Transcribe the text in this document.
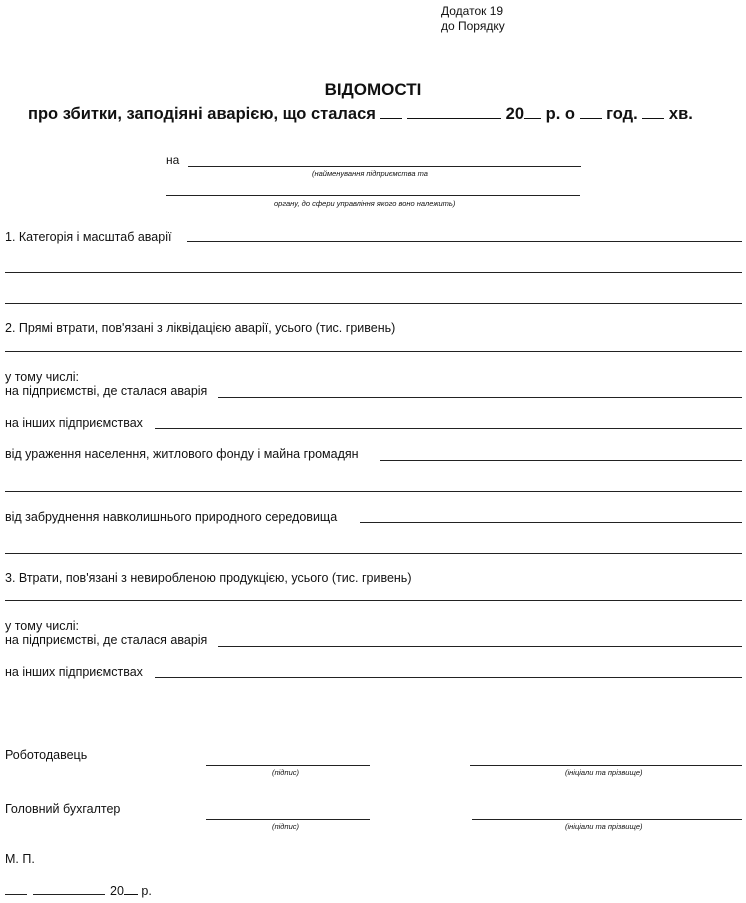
Додаток 19
до Порядку
ВІДОМОСТІ
про збитки, заподіяні аварією, що сталася	20 р. о год. хв.
на
(найменування підприємства та
органу, до сфери управління якого воно належить)
1. Категорія і масштаб аварії
2. Прямі втрати, пов'язані з ліквідацією аварії, усього (тис. гривень)
у тому числі:
на підприємстві, де сталася аварія
на інших підприємствах
від ураження населення, житлового фонду і майна громадян
від забруднення навколишнього природного середовища
3. Втрати, пов'язані з невиробленою продукцією, усього (тис. гривень)
у тому числі:
на підприємстві, де сталася аварія
на інших підприємствах
Роботодавець
(підпис)	(ініціали та прізвище)
Головний бухгалтер
(підпис)	(ініціали та прізвище)
М. П.
20 р.
